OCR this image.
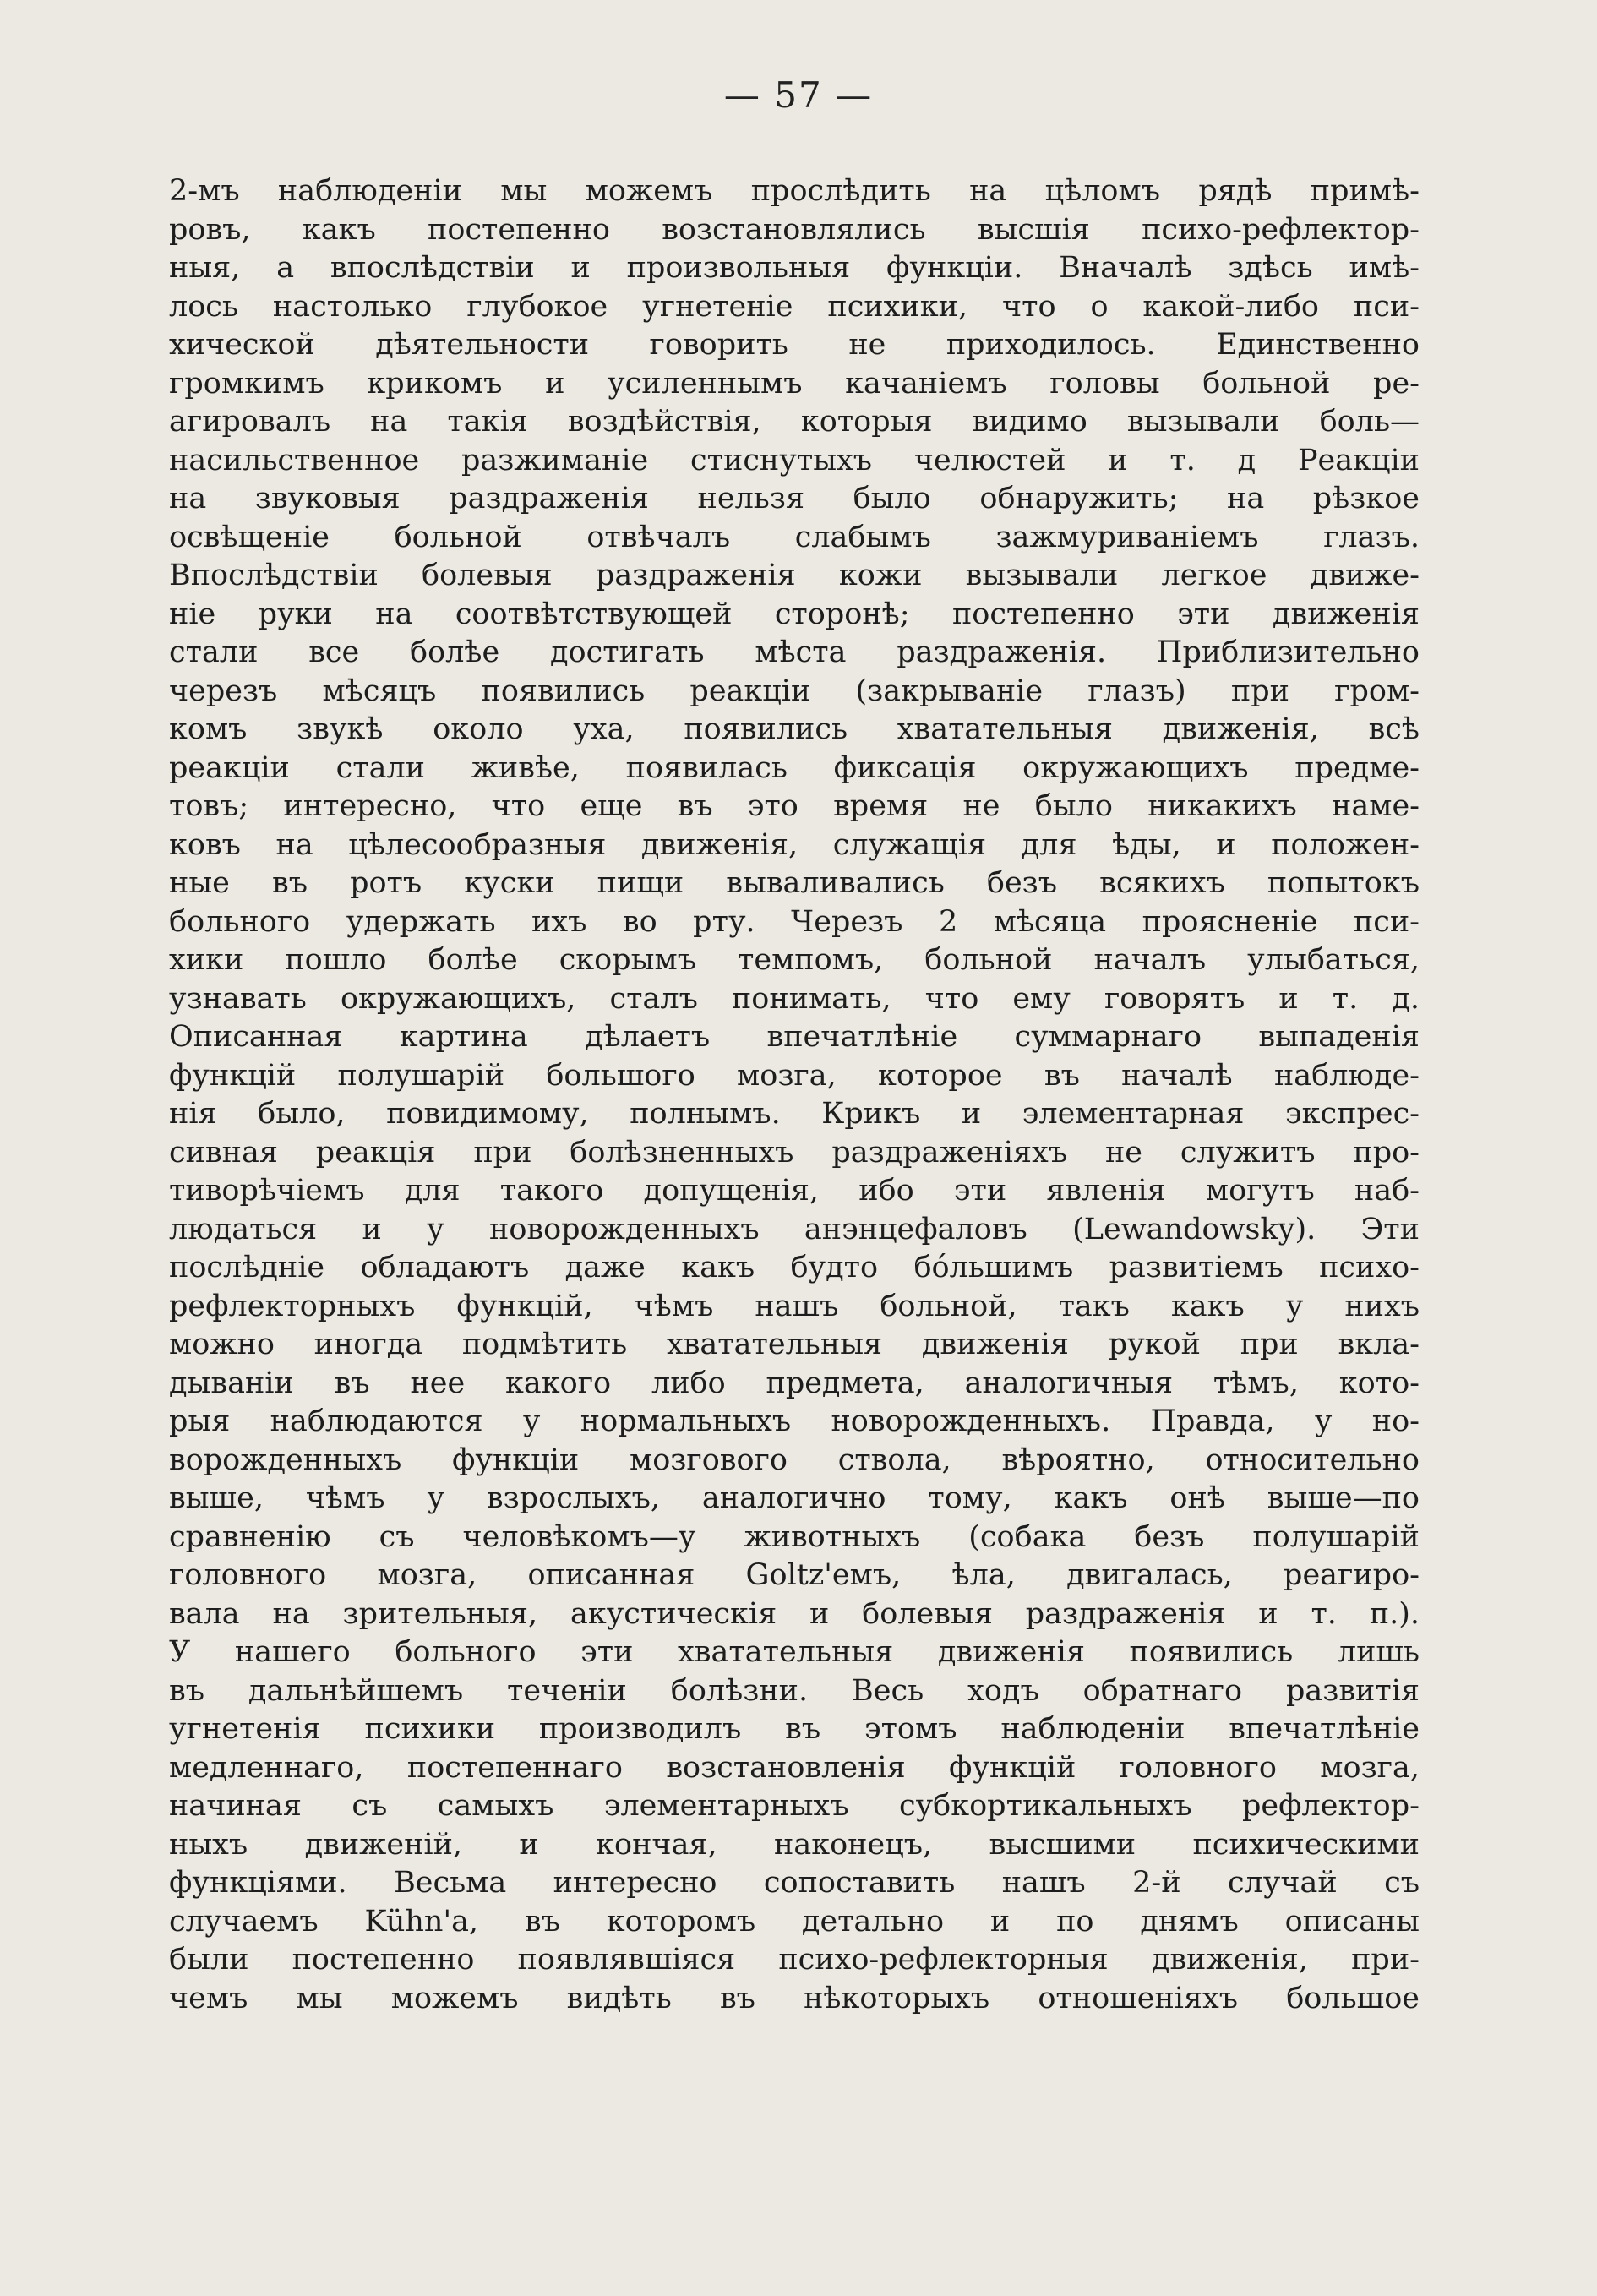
— 57 —
2-мъ наблюденіи мы можемъ прослѣдить на цѣломъ рядѣ примѣ-
ровъ, какъ постепенно возстановлялись высшія психо-рефлектор-
ныя, а впослѣдствіи и произвольныя функціи. Вначалѣ здѣсь имѣ-
лось настолько глубокое угнетеніе психики, что о какой-либо пси-
хической дѣятельности говорить не приходилось. Единственно
громкимъ крикомъ и усиленнымъ качаніемъ головы больной ре-
агировалъ на такія воздѣйствія, которыя видимо вызывали боль—
насильственное разжиманіе стиснутыхъ челюстей и т. д Реакціи
на звуковыя раздраженія нельзя было обнаружить; на рѣзкое
освѣщеніе больной отвѣчалъ слабымъ зажмуриваніемъ глазъ.
Впослѣдствіи болевыя раздраженія кожи вызывали легкое движе-
ніе руки на соотвѣтствующей сторонѣ; постепенно эти движенія
стали все болѣе достигать мѣста раздраженія. Приблизительно
черезъ мѣсяцъ появились реакціи (закрываніе глазъ) при гром-
комъ звукѣ около уха, появились хватательныя движенія, всѣ
реакціи стали живѣе, появилась фиксація окружающихъ предме-
товъ; интересно, что еще въ это время не было никакихъ наме-
ковъ на цѣлесообразныя движенія, служащія для ѣды, и положен-
ные въ ротъ куски пищи вываливались безъ всякихъ попытокъ
больного удержать ихъ во рту. Черезъ 2 мѣсяца проясненіе пси-
хики пошло болѣе скорымъ темпомъ, больной началъ улыбаться,
узнавать окружающихъ, сталъ понимать, что ему говорятъ и т. д.
Описанная картина дѣлаетъ впечатлѣніе суммарнаго выпаденія
функцій полушарій большого мозга, которое въ началѣ наблюде-
нія было, повидимому, полнымъ. Крикъ и элементарная экспрес-
сивная реакція при болѣзненныхъ раздраженіяхъ не служитъ про-
тиворѣчіемъ для такого допущенія, ибо эти явленія могутъ наб-
людаться и у новорожденныхъ анэнцефаловъ (Lewandowsky). Эти
послѣдніе обладаютъ даже какъ будто бо́льшимъ развитіемъ психо-
рефлекторныхъ функцій, чѣмъ нашъ больной, такъ какъ у нихъ
можно иногда подмѣтить хватательныя движенія рукой при вкла-
дываніи въ нее какого либо предмета, аналогичныя тѣмъ, кото-
рыя наблюдаются у нормальныхъ новорожденныхъ. Правда, у но-
ворожденныхъ функціи мозгового ствола, вѣроятно, относительно
выше, чѣмъ у взрослыхъ, аналогично тому, какъ онѣ выше—по
сравненію съ человѣкомъ—у животныхъ (собака безъ полушарій
головного мозга, описанная Goltz'емъ, ѣла, двигалась, реагиро-
вала на зрительныя, акустическія и болевыя раздраженія и т. п.).
У нашего больного эти хватательныя движенія появились лишь
въ дальнѣйшемъ теченіи болѣзни. Весь ходъ обратнаго развитія
угнетенія психики производилъ въ этомъ наблюденіи впечатлѣніе
медленнаго, постепеннаго возстановленія функцій головного мозга,
начиная съ самыхъ элементарныхъ субкортикальныхъ рефлектор-
ныхъ движеній, и кончая, наконецъ, высшими психическими
функціями. Весьма интересно сопоставить нашъ 2-й случай съ
случаемъ Kühn'а, въ которомъ детально и по днямъ описаны
были постепенно появлявшіяся психо-рефлекторныя движенія, при-
чемъ мы можемъ видѣть въ нѣкоторыхъ отношеніяхъ большое
